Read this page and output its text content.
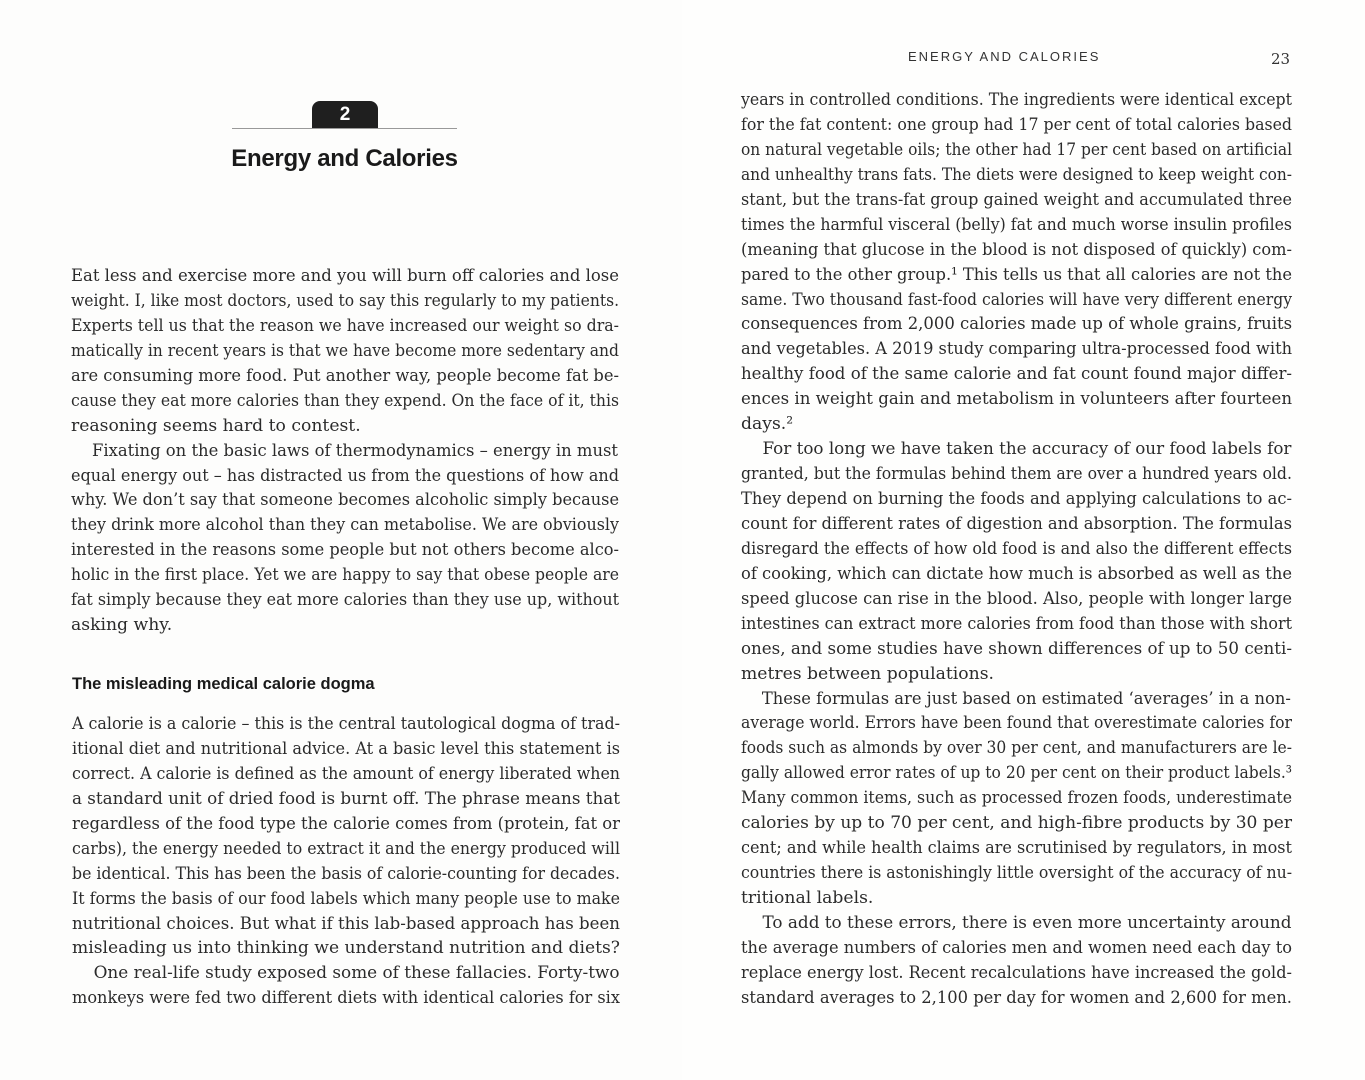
2
Energy and Calories
Eat less and exercise more and you will burn off calories and lose
weight. I, like most doctors, used to say this regularly to my patients.
Experts tell us that the reason we have increased our weight so dra-
matically in recent years is that we have become more sedentary and
are consuming more food. Put another way, people become fat be-
cause they eat more calories than they expend. On the face of it, this
reasoning seems hard to contest.
Fixating on the basic laws of thermodynamics – energy in must
equal energy out – has distracted us from the questions of how and
why. We don’t say that someone becomes alcoholic simply because
they drink more alcohol than they can metabolise. We are obviously
interested in the reasons some people but not others become alco-
holic in the first place. Yet we are happy to say that obese people are
fat simply because they eat more calories than they use up, without
asking why.
The misleading medical calorie dogma
A calorie is a calorie – this is the central tautological dogma of trad-
itional diet and nutritional advice. At a basic level this statement is
correct. A calorie is defined as the amount of energy liberated when
a standard unit of dried food is burnt off. The phrase means that
regardless of the food type the calorie comes from (protein, fat or
carbs), the energy needed to extract it and the energy produced will
be identical. This has been the basis of calorie-counting for decades.
It forms the basis of our food labels which many people use to make
nutritional choices. But what if this lab-based approach has been
misleading us into thinking we understand nutrition and diets?
One real-life study exposed some of these fallacies. Forty-two
monkeys were fed two different diets with identical calories for six
ENERGY AND CALORIES	23
years in controlled conditions. The ingredients were identical except
for the fat content: one group had 17 per cent of total calories based
on natural vegetable oils; the other had 17 per cent based on artificial
and unhealthy trans fats. The diets were designed to keep weight con-
stant, but the trans-fat group gained weight and accumulated three
times the harmful visceral (belly) fat and much worse insulin profiles
(meaning that glucose in the blood is not disposed of quickly) com-
pared to the other group.¹ This tells us that all calories are not the
same. Two thousand fast-food calories will have very different energy
consequences from 2,000 calories made up of whole grains, fruits
and vegetables. A 2019 study comparing ultra-processed food with
healthy food of the same calorie and fat count found major differ-
ences in weight gain and metabolism in volunteers after fourteen
days.²
For too long we have taken the accuracy of our food labels for
granted, but the formulas behind them are over a hundred years old.
They depend on burning the foods and applying calculations to ac-
count for different rates of digestion and absorption. The formulas
disregard the effects of how old food is and also the different effects
of cooking, which can dictate how much is absorbed as well as the
speed glucose can rise in the blood. Also, people with longer large
intestines can extract more calories from food than those with short
ones, and some studies have shown differences of up to 50 centi-
metres between populations.
These formulas are just based on estimated ‘averages’ in a non-
average world. Errors have been found that overestimate calories for
foods such as almonds by over 30 per cent, and manufacturers are le-
gally allowed error rates of up to 20 per cent on their product labels.³
Many common items, such as processed frozen foods, underestimate
calories by up to 70 per cent, and high-fibre products by 30 per
cent; and while health claims are scrutinised by regulators, in most
countries there is astonishingly little oversight of the accuracy of nu-
tritional labels.
To add to these errors, there is even more uncertainty around
the average numbers of calories men and women need each day to
replace energy lost. Recent recalculations have increased the gold-
standard averages to 2,100 per day for women and 2,600 for men.
